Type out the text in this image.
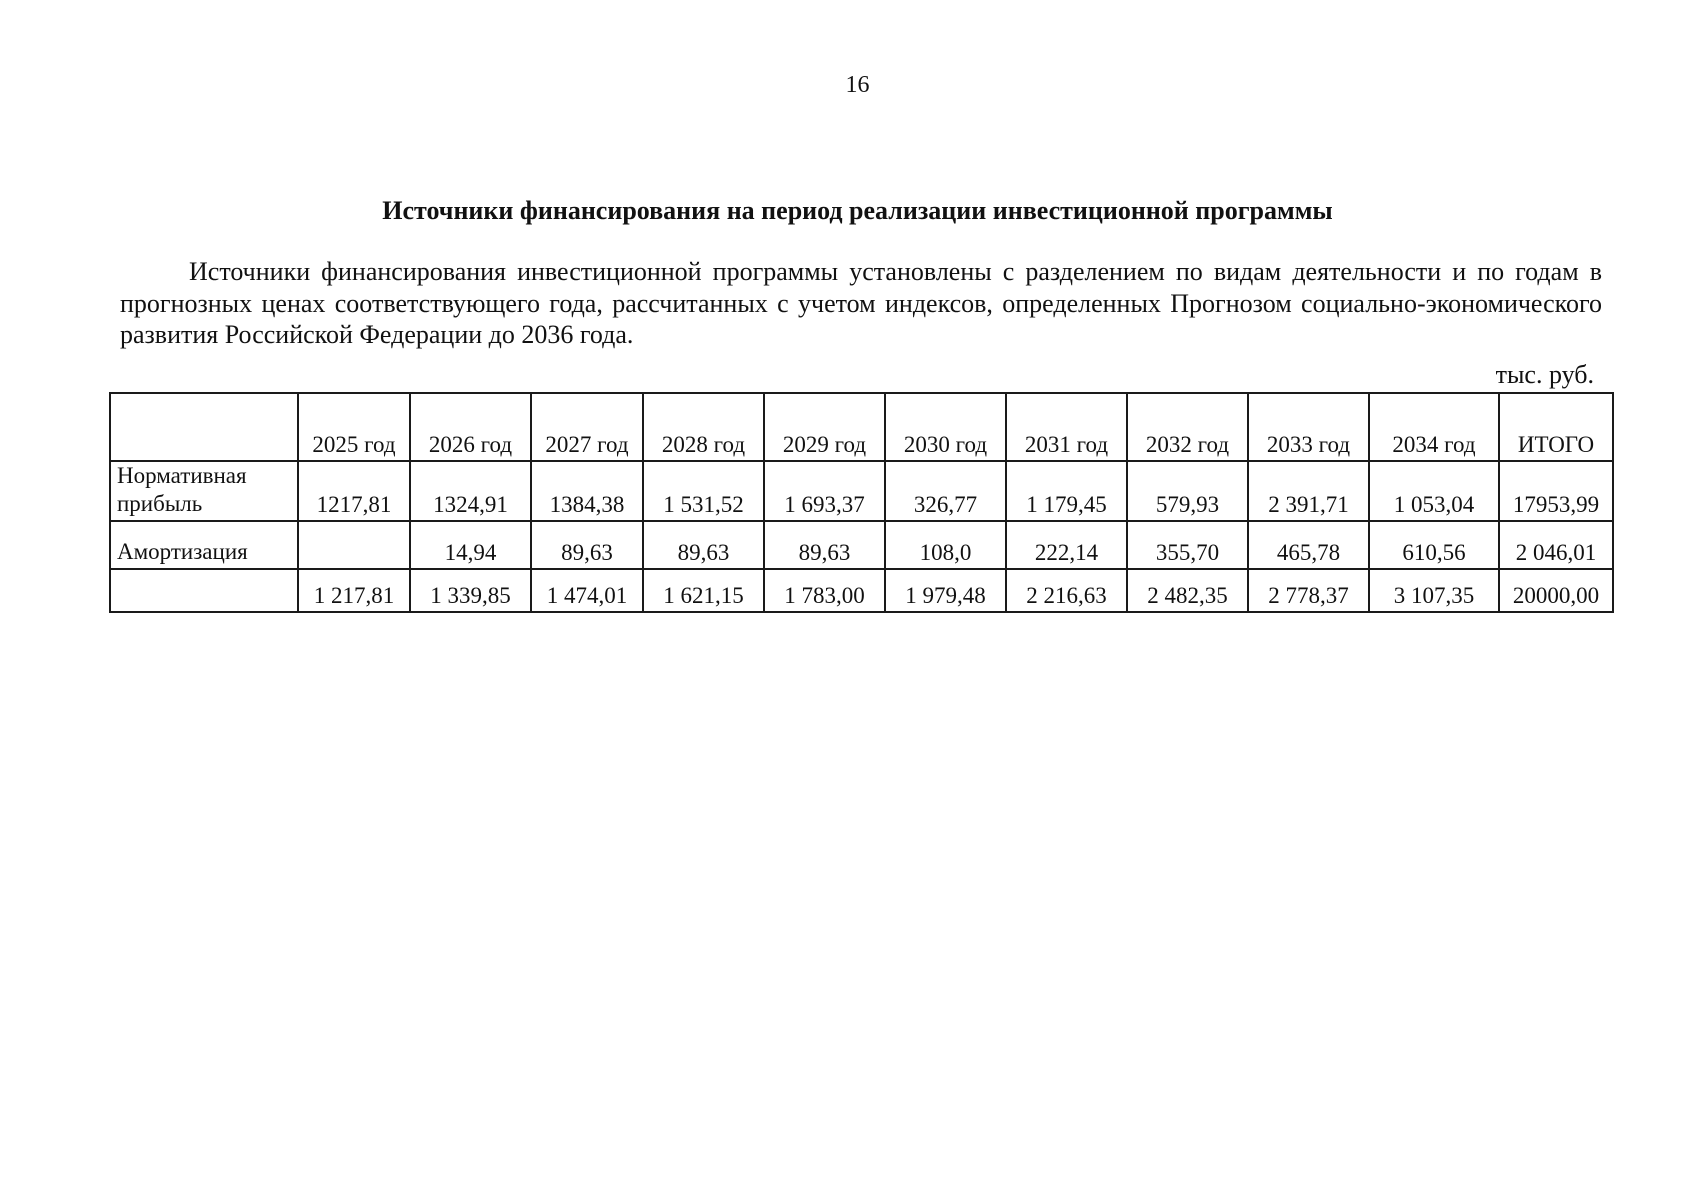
16
Источники финансирования на период реализации инвестиционной программы

Источники финансирования инвестиционной программы установлены с разделением по видам деятельности и по годам в прогнозных ценах соответствующего года, рассчитанных с учетом индексов, определенных Прогнозом социально-экономического развития Российской Федерации до 2036 года.

тыс. руб.
	2025 год	2026 год	2027 год	2028 год	2029 год	2030 год	2031 год	2032 год	2033 год	2034 год	ИТОГО
Нормативная
прибыль	1217,81	1324,91	1384,38	1 531,52	1 693,37	326,77	1 179,45	579,93	2 391,71	1 053,04	17953,99
Амортизация		14,94	89,63	89,63	89,63	108,0	222,14	355,70	465,78	610,56	2 046,01
	1 217,81	1 339,85	1 474,01	1 621,15	1 783,00	1 979,48	2 216,63	2 482,35	2 778,37	3 107,35	20000,00
